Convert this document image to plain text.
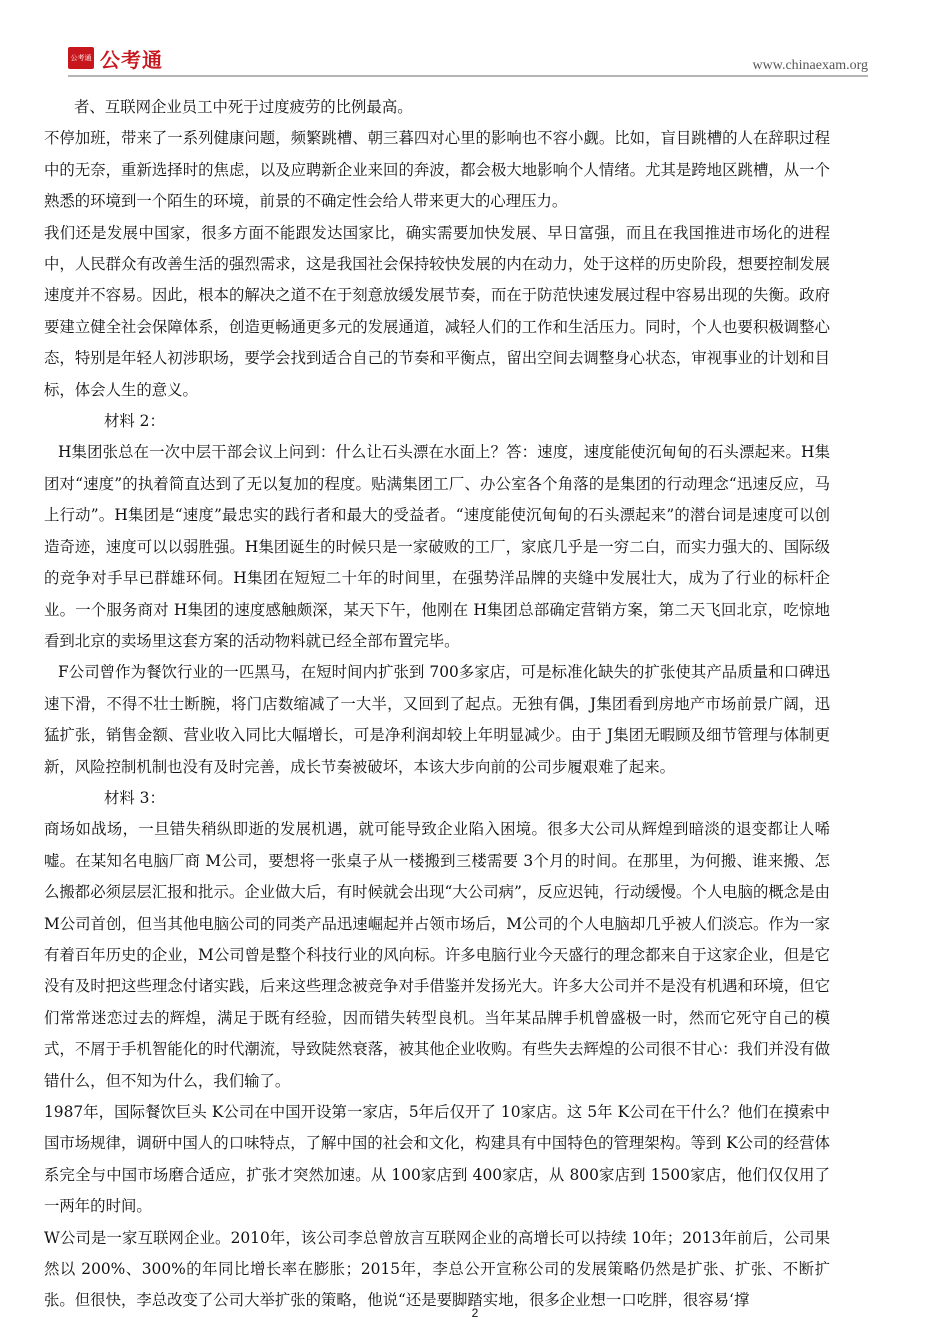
公考通 公考通	www.chinaexam.org

者、互联网企业员工中死于过度疲劳的比例最高。

不停加班，带来了一系列健康问题，频繁跳槽、朝三暮四对心里的影响也不容小觑。比如，盲目跳槽的人在辞职过程中的无奈，重新选择时的焦虑，以及应聘新企业来回的奔波，都会极大地影响个人情绪。尤其是跨地区跳槽，从一个熟悉的环境到一个陌生的环境，前景的不确定性会给人带来更大的心理压力。

我们还是发展中国家，很多方面不能跟发达国家比，确实需要加快发展、早日富强，而且在我国推进市场化的进程中，人民群众有改善生活的强烈需求，这是我国社会保持较快发展的内在动力，处于这样的历史阶段，想要控制发展速度并不容易。因此，根本的解决之道不在于刻意放缓发展节奏，而在于防范快速发展过程中容易出现的失衡。政府要建立健全社会保障体系，创造更畅通更多元的发展通道，减轻人们的工作和生活压力。同时，个人也要积极调整心态，特别是年轻人初涉职场，要学会找到适合自己的节奏和平衡点，留出空间去调整身心状态，审视事业的计划和目标，体会人生的意义。

材料 2：

H集团张总在一次中层干部会议上问到：什么让石头漂在水面上？答：速度，速度能使沉甸甸的石头漂起来。H集团对“速度”的执着简直达到了无以复加的程度。贴满集团工厂、办公室各个角落的是集团的行动理念“迅速反应，马上行动”。H集团是“速度”最忠实的践行者和最大的受益者。“速度能使沉甸甸的石头漂起来”的潜台词是速度可以创造奇迹，速度可以以弱胜强。H集团诞生的时候只是一家破败的工厂，家底几乎是一穷二白，而实力强大的、国际级的竞争对手早已群雄环伺。H集团在短短二十年的时间里，在强势洋品牌的夹缝中发展壮大，成为了行业的标杆企业。一个服务商对 H集团的速度感触颇深，某天下午，他刚在 H集团总部确定营销方案，第二天飞回北京，吃惊地看到北京的卖场里这套方案的活动物料就已经全部布置完毕。

F公司曾作为餐饮行业的一匹黑马，在短时间内扩张到 700多家店，可是标准化缺失的扩张使其产品质量和口碑迅速下滑，不得不壮士断腕，将门店数缩减了一大半，又回到了起点。无独有偶，J集团看到房地产市场前景广阔，迅猛扩张，销售金额、营业收入同比大幅增长，可是净利润却较上年明显减少。由于 J集团无暇顾及细节管理与体制更新，风险控制机制也没有及时完善，成长节奏被破坏，本该大步向前的公司步履艰难了起来。

材料 3：

商场如战场，一旦错失稍纵即逝的发展机遇，就可能导致企业陷入困境。很多大公司从辉煌到暗淡的退变都让人唏嘘。在某知名电脑厂商 M公司，要想将一张桌子从一楼搬到三楼需要 3个月的时间。在那里，为何搬、谁来搬、怎么搬都必须层层汇报和批示。企业做大后，有时候就会出现“大公司病”，反应迟钝，行动缓慢。个人电脑的概念是由 M公司首创，但当其他电脑公司的同类产品迅速崛起并占领市场后，M公司的个人电脑却几乎被人们淡忘。作为一家有着百年历史的企业，M公司曾是整个科技行业的风向标。许多电脑行业今天盛行的理念都来自于这家企业，但是它没有及时把这些理念付诸实践，后来这些理念被竞争对手借鉴并发扬光大。许多大公司并不是没有机遇和环境，但它们常常迷恋过去的辉煌，满足于既有经验，因而错失转型良机。当年某品牌手机曾盛极一时，然而它死守自己的模式，不屑于手机智能化的时代潮流，导致陡然衰落，被其他企业收购。有些失去辉煌的公司很不甘心：我们并没有做错什么，但不知为什么，我们输了。

1987年，国际餐饮巨头 K公司在中国开设第一家店，5年后仅开了 10家店。这 5年 K公司在干什么？他们在摸索中国市场规律，调研中国人的口味特点，了解中国的社会和文化，构建具有中国特色的管理架构。等到 K公司的经营体系完全与中国市场磨合适应，扩张才突然加速。从 100家店到 400家店，从 800家店到 1500家店，他们仅仅用了一两年的时间。

W公司是一家互联网企业。2010年，该公司李总曾放言互联网企业的高增长可以持续 10年；2013年前后，公司果然以 200%、300%的年同比增长率在膨胀；2015年，李总公开宣称公司的发展策略仍然是扩张、扩张、不断扩张。但很快，李总改变了公司大举扩张的策略，他说“还是要脚踏实地，很多企业想一口吃胖，很容易‘撑

2
